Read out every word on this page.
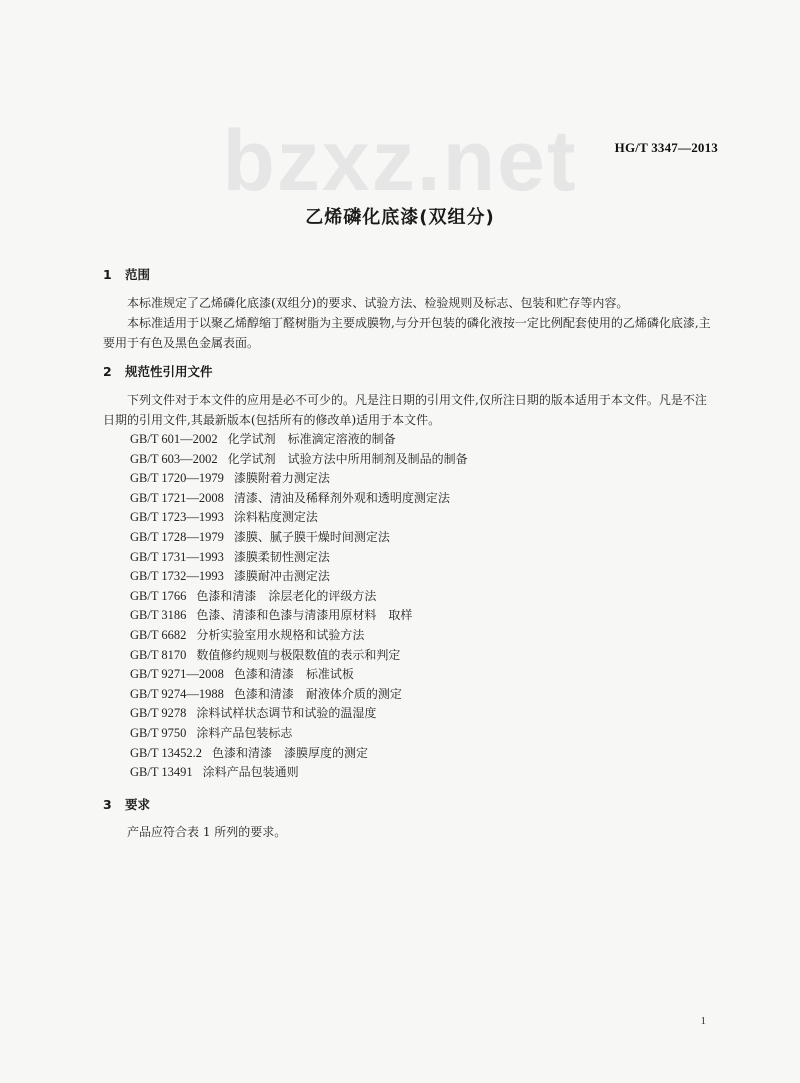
bzxz.net	HG/T 3347—2013
乙烯磷化底漆(双组分)
1 范围
本标准规定了乙烯磷化底漆(双组分)的要求、试验方法、检验规则及标志、包装和贮存等内容。
本标准适用于以聚乙烯醇缩丁醛树脂为主要成膜物,与分开包装的磷化液按一定比例配套使用的乙烯磷化底漆,主要用于有色及黑色金属表面。
2 规范性引用文件
下列文件对于本文件的应用是必不可少的。凡是注日期的引用文件,仅所注日期的版本适用于本文件。凡是不注日期的引用文件,其最新版本(包括所有的修改单)适用于本文件。
GB/T 601—2002 化学试剂　标准滴定溶液的制备
GB/T 603—2002 化学试剂　试验方法中所用制剂及制品的制备
GB/T 1720—1979 漆膜附着力测定法
GB/T 1721—2008 清漆、清油及稀释剂外观和透明度测定法
GB/T 1723—1993 涂料粘度测定法
GB/T 1728—1979 漆膜、腻子膜干燥时间测定法
GB/T 1731—1993 漆膜柔韧性测定法
GB/T 1732—1993 漆膜耐冲击测定法
GB/T 1766 色漆和清漆　涂层老化的评级方法
GB/T 3186 色漆、清漆和色漆与清漆用原材料　取样
GB/T 6682 分析实验室用水规格和试验方法
GB/T 8170 数值修约规则与极限数值的表示和判定
GB/T 9271—2008 色漆和清漆　标准试板
GB/T 9274—1988 色漆和清漆　耐液体介质的测定
GB/T 9278 涂料试样状态调节和试验的温湿度
GB/T 9750 涂料产品包装标志
GB/T 13452.2 色漆和清漆　漆膜厚度的测定
GB/T 13491 涂料产品包装通则
3 要求
产品应符合表 1 所列的要求。
1
